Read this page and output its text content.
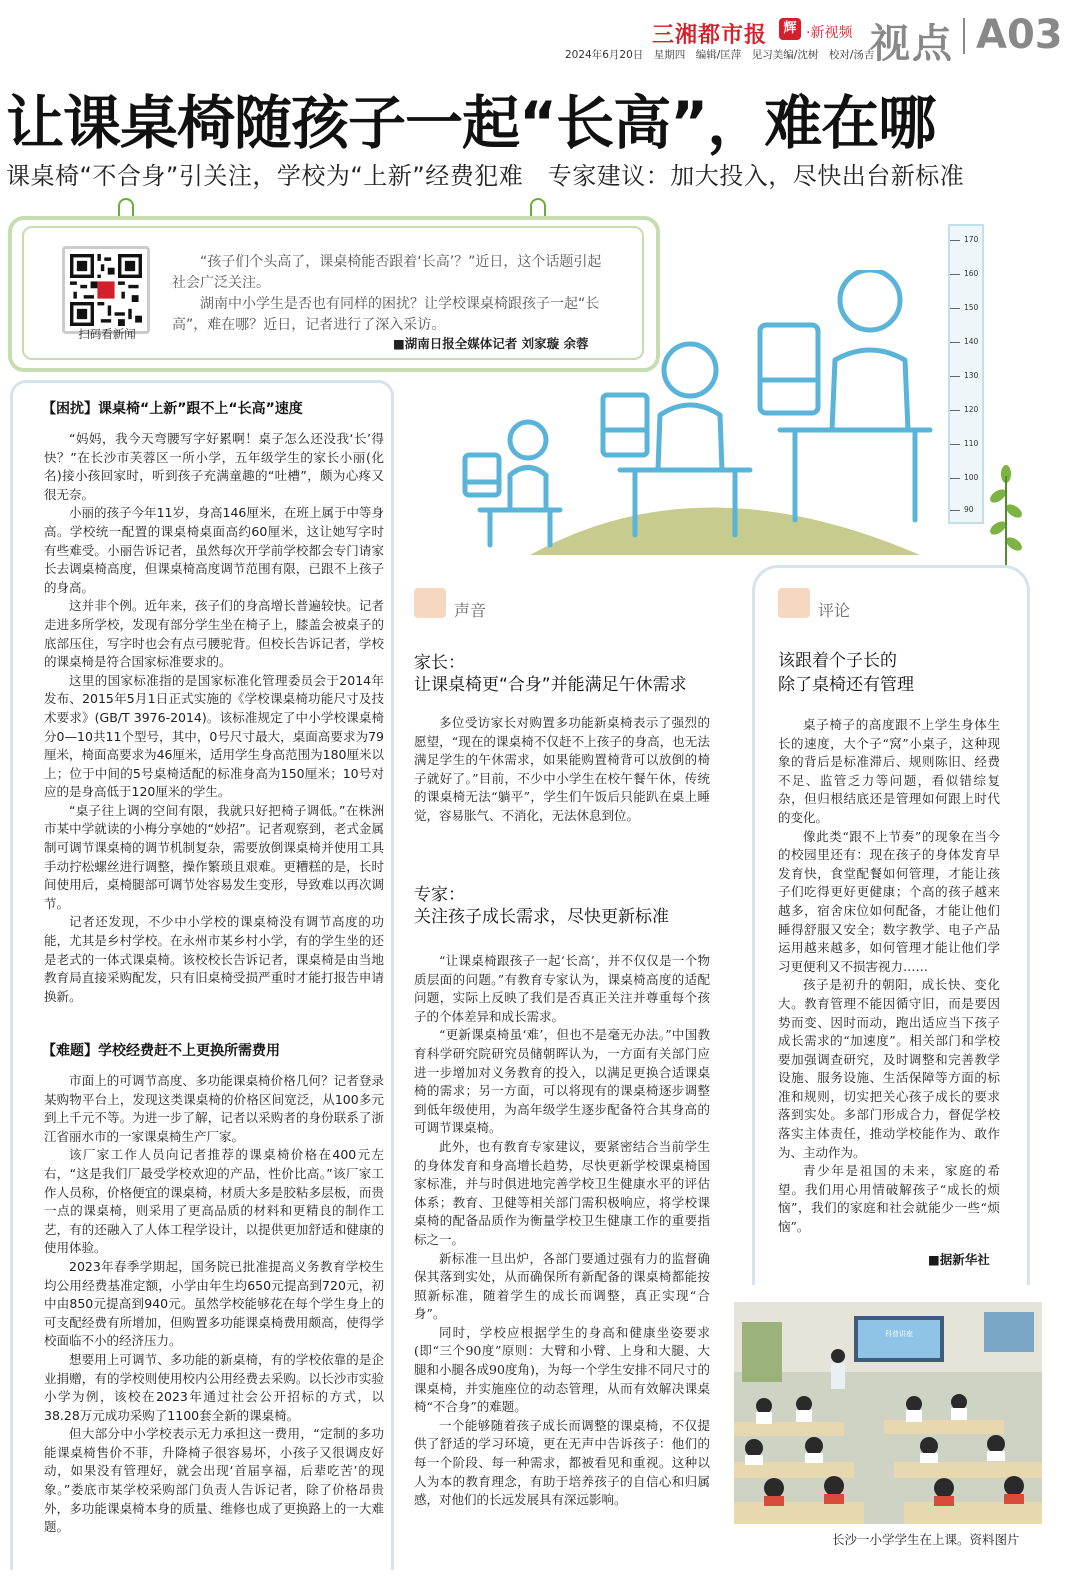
三湘都市报	辉 ·新视频 视点 A03
2024年6月20日　星期四　编辑/匡萍　见习美编/沈树　校对/汤吉
让课桌椅随孩子一起“长高”，难在哪
课桌椅“不合身”引关注，学校为“上新”经费犯难　专家建议：加大投入，尽快出台新标准
扫码看新闻

“孩子们个头高了，课桌椅能否跟着‘长高’？”近日，这个话题引起社会广泛关注。

湖南中小学生是否也有同样的困扰？让学校课桌椅跟孩子一起“长高”，难在哪？近日，记者进行了深入采访。

■湖南日报全媒体记者 刘家璇 余蓉
170
160
150
140
130
120
110
100
90
【困扰】课桌椅“上新”跟不上“长高”速度

“妈妈，我今天弯腰写字好累啊！桌子怎么还没我‘长’得快？”在长沙市芙蓉区一所小学，五年级学生的家长小丽(化名)接小孩回家时，听到孩子充满童趣的“吐槽”，颇为心疼又很无奈。

小丽的孩子今年11岁，身高146厘米，在班上属于中等身高。学校统一配置的课桌椅桌面高约60厘米，这让她写字时有些难受。小丽告诉记者，虽然每次开学前学校都会专门请家长去调桌椅高度，但课桌椅高度调节范围有限，已跟不上孩子的身高。

这并非个例。近年来，孩子们的身高增长普遍较快。记者走进多所学校，发现有部分学生坐在椅子上，膝盖会被桌子的底部压住，写字时也会有点弓腰驼背。但校长告诉记者，学校的课桌椅是符合国家标准要求的。

这里的国家标准指的是国家标准化管理委员会于2014年发布、2015年5月1日正式实施的《学校课桌椅功能尺寸及技术要求》(GB/T 3976-2014)。该标准规定了中小学校课桌椅分0—10共11个型号，其中，0号尺寸最大，桌面高要求为79厘米，椅面高要求为46厘米，适用学生身高范围为180厘米以上；位于中间的5号桌椅适配的标准身高为150厘米；10号对应的是身高低于120厘米的学生。

“桌子往上调的空间有限，我就只好把椅子调低。”在株洲市某中学就读的小梅分享她的“妙招”。记者观察到，老式金属制可调节课桌椅的调节机制复杂，需要放倒课桌椅并使用工具手动拧松螺丝进行调整，操作繁琐且艰难。更糟糕的是，长时间使用后，桌椅腿部可调节处容易发生变形，导致难以再次调节。

记者还发现，不少中小学校的课桌椅没有调节高度的功能，尤其是乡村学校。在永州市某乡村小学，有的学生坐的还是老式的一体式课桌椅。该校校长告诉记者，课桌椅是由当地教育局直接采购配发，只有旧桌椅受损严重时才能打报告申请换新。

【难题】学校经费赶不上更换所需费用

市面上的可调节高度、多功能课桌椅价格几何？记者登录某购物平台上，发现这类课桌椅的价格区间宽泛，从100多元到上千元不等。为进一步了解，记者以采购者的身份联系了浙江省丽水市的一家课桌椅生产厂家。

该厂家工作人员向记者推荐的课桌椅价格在400元左右，“这是我们厂最受学校欢迎的产品，性价比高。”该厂家工作人员称，价格便宜的课桌椅，材质大多是胶粘多层板，而贵一点的课桌椅，则采用了更高品质的材料和更精良的制作工艺，有的还融入了人体工程学设计，以提供更加舒适和健康的使用体验。

2023年春季学期起，国务院已批准提高义务教育学校生均公用经费基准定额，小学由年生均650元提高到720元，初中由850元提高到940元。虽然学校能够花在每个学生身上的可支配经费有所增加，但购置多功能课桌椅费用颇高，使得学校面临不小的经济压力。

想要用上可调节、多功能的新桌椅，有的学校依靠的是企业捐赠，有的学校则使用校内公用经费去采购。以长沙市实验小学为例，该校在2023年通过社会公开招标的方式，以38.28万元成功采购了1100套全新的课桌椅。

但大部分中小学校表示无力承担这一费用，“定制的多功能课桌椅售价不菲，升降椅子很容易坏，小孩子又很调皮好动，如果没有管理好，就会出现‘首届享福，后辈吃苦’的现象。”娄底市某学校采购部门负责人告诉记者，除了价格昂贵外，多功能课桌椅本身的质量、维修也成了更换路上的一大难题。

声音
家长：
让课桌椅更“合身”并能满足午休需求

多位受访家长对购置多功能新桌椅表示了强烈的愿望，“现在的课桌椅不仅赶不上孩子的身高，也无法满足学生的午休需求，如果能购置椅背可以放倒的椅子就好了。”目前，不少中小学生在校午餐午休，传统的课桌椅无法“躺平”，学生们午饭后只能趴在桌上睡觉，容易胀气、不消化，无法休息到位。

专家：
关注孩子成长需求，尽快更新标准

“让课桌椅跟孩子一起‘长高’，并不仅仅是一个物质层面的问题。”有教育专家认为，课桌椅高度的适配问题，实际上反映了我们是否真正关注并尊重每个孩子的个体差异和成长需求。

“更新课桌椅虽‘难’，但也不是毫无办法。”中国教育科学研究院研究员储朝晖认为，一方面有关部门应进一步增加对义务教育的投入，以满足更换合适课桌椅的需求；另一方面，可以将现有的课桌椅逐步调整到低年级使用，为高年级学生逐步配备符合其身高的可调节课桌椅。

此外，也有教育专家建议，要紧密结合当前学生的身体发育和身高增长趋势，尽快更新学校课桌椅国家标准，并与时俱进地完善学校卫生健康水平的评估体系；教育、卫健等相关部门需积极响应，将学校课桌椅的配备品质作为衡量学校卫生健康工作的重要指标之一。

新标准一旦出炉，各部门要通过强有力的监督确保其落到实处，从而确保所有新配备的课桌椅都能按照新标准，随着学生的成长而调整，真正实现“合身”。

同时，学校应根据学生的身高和健康坐姿要求(即“三个90度”原则：大臂和小臂、上身和大腿、大腿和小腿各成90度角)，为每一个学生安排不同尺寸的课桌椅，并实施座位的动态管理，从而有效解决课桌椅“不合身”的难题。

一个能够随着孩子成长而调整的课桌椅，不仅提供了舒适的学习环境，更在无声中告诉孩子：他们的每一个阶段、每一种需求，都被看见和重视。这种以人为本的教育理念，有助于培养孩子的自信心和归属感，对他们的长远发展具有深远影响。

评论
该跟着个子长的
除了桌椅还有管理

桌子椅子的高度跟不上学生身体生长的速度，大个子“窝”小桌子，这种现象的背后是标准滞后、规则陈旧、经费不足、监管乏力等问题，看似错综复杂，但归根结底还是管理如何跟上时代的变化。

像此类“跟不上节奏”的现象在当今的校园里还有：现在孩子的身体发育早发育快，食堂配餐如何管理，才能让孩子们吃得更好更健康；个高的孩子越来越多，宿舍床位如何配备，才能让他们睡得舒服又安全；数字教学、电子产品运用越来越多，如何管理才能让他们学习更便利又不损害视力……

孩子是初升的朝阳，成长快、变化大。教育管理不能因循守旧，而是要因势而变、因时而动，跑出适应当下孩子成长需求的“加速度”。相关部门和学校要加强调查研究，及时调整和完善教学设施、服务设施、生活保障等方面的标准和规则，切实把关心孩子成长的要求落到实处。多部门形成合力，督促学校落实主体责任，推动学校能作为、敢作为、主动作为。

青少年是祖国的未来，家庭的希望。我们用心用情破解孩子“成长的烦恼”，我们的家庭和社会就能少一些“烦恼”。

■据新华社
科普讲座
长沙一小学学生在上课。资料图片
